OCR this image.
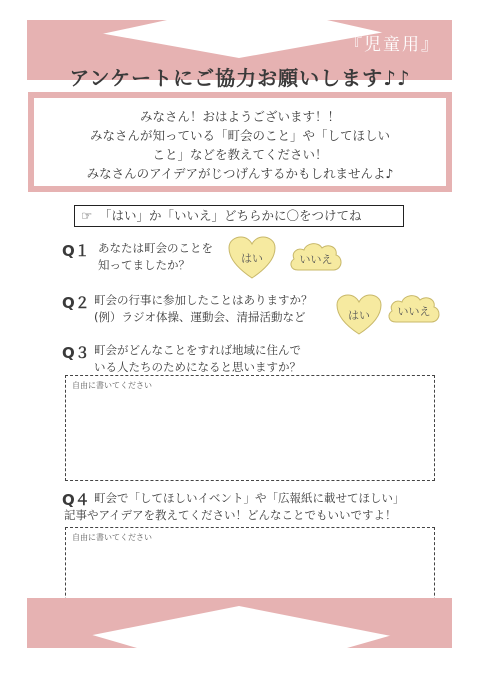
『児童用』
アンケートにご協力お願いします♪♪
みなさん！おはようございます！！
みなさんが知っている「町会のこと」や「してほしい
こと」などを教えてください！
みなさんのアイデアがじつげんするかもしれませんよ♪
☞ 「はい」か「いいえ」どちらかに〇をつけてね
Q１ あなたは町会のことを
知ってましたか？	はい	いいえ
Q２ 町会の行事に参加したことはありますか？
(例）ラジオ体操、運動会、清掃活動など	はい	いいえ
Q３ 町会がどんなことをすれば地域に住んで
いる人たちのためになると思いますか？
自由に書いてください
Q４ 町会で「してほしいイベント」や「広報紙に載せてほしい」
記事やアイデアを教えてください！どんなことでもいいですよ！
自由に書いてください
